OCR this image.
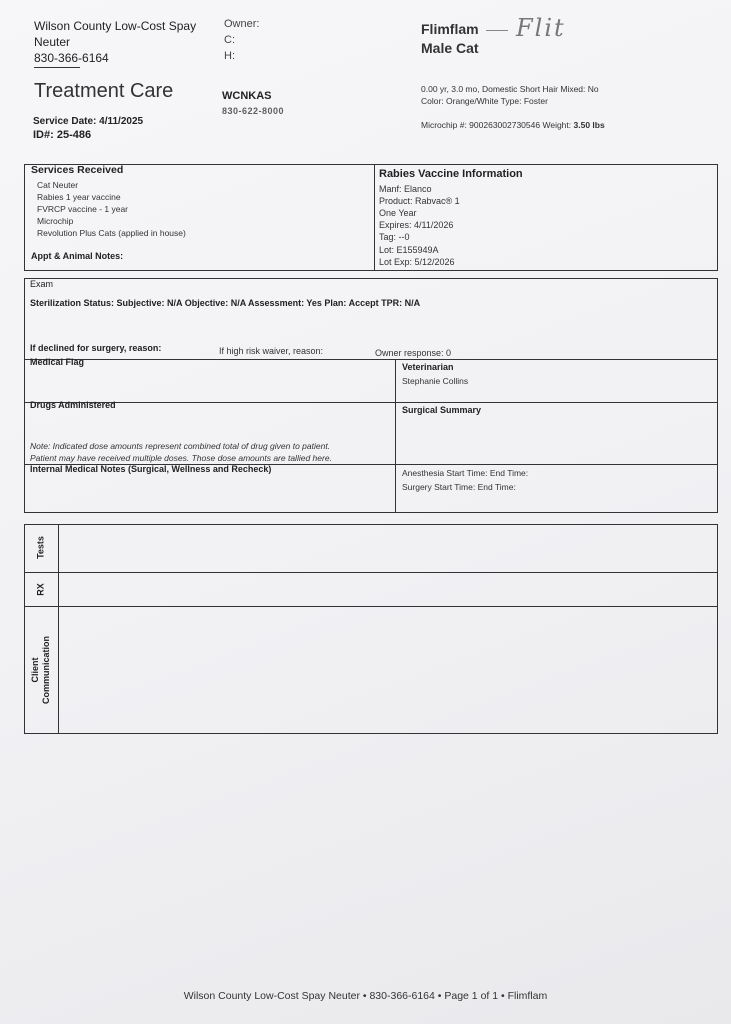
Wilson County Low-Cost Spay
Neuter
830-366-6164
Owner:
C:
H:
Treatment Care	WCNKAS
830-622-8000
Service Date: 4/11/2025
ID#: 25-486
Flimflam Flit
Male Cat
0.00 yr, 3.0 mo, Domestic Short Hair Mixed: No
Color: Orange/White Type: Foster
Microchip #: 900263002730546 Weight: 3.50 lbs
Services Received
Cat Neuter
Rabies 1 year vaccine
FVRCP vaccine - 1 year
Microchip
Revolution Plus Cats (applied in house)
Appt & Animal Notes:
Rabies Vaccine Information
Manf: Elanco
Product: Rabvac® 1
One Year
Expires: 4/11/2026
Tag: --0
Lot: E155949A
Lot Exp: 5/12/2026
Exam
Sterilization Status: Subjective: N/A Objective: N/A Assessment: Yes Plan: Accept TPR: N/A
If declined for surgery, reason:	If high risk waiver, reason:	Owner response: 0
Medical Flag	Veterinarian
Stephanie Collins
Drugs Administered	Surgical Summary
Note: Indicated dose amounts represent combined total of drug given to patient.
Patient may have received multiple doses. Those dose amounts are tallied here.
Internal Medical Notes (Surgical, Wellness and Recheck)	Anesthesia Start Time: End Time:
Surgery Start Time: End Time:
Tests
RX
Client
Communication
Wilson County Low-Cost Spay Neuter • 830-366-6164 • Page 1 of 1 • Flimflam
